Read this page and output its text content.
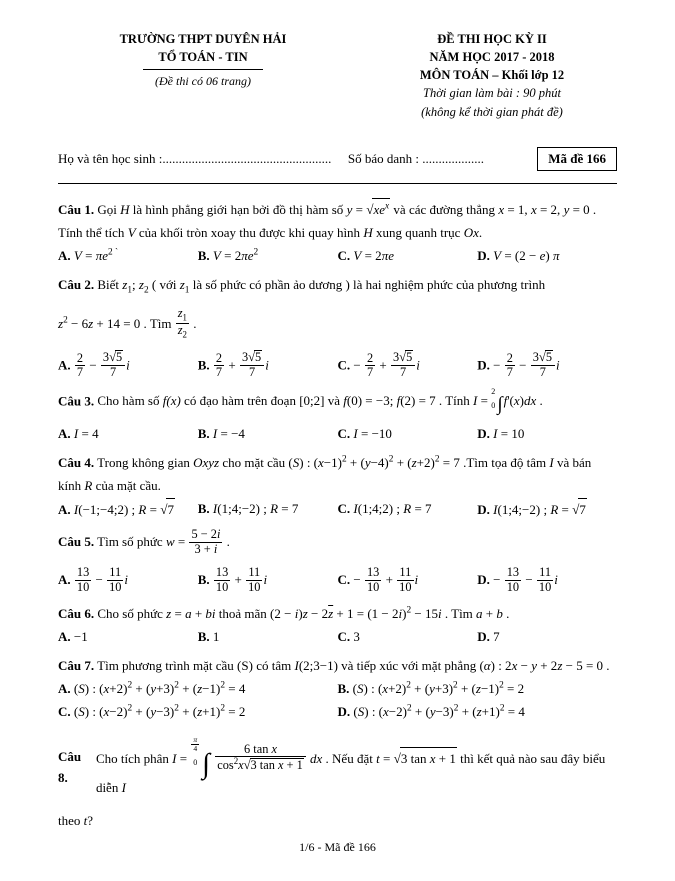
TRƯỜNG THPT DUYÊN HẢI
TỔ TOÁN - TIN
(Đề thi có 06 trang)
ĐỀ THI HỌC KỲ II
NĂM HỌC 2017 - 2018
MÔN TOÁN – Khối lớp 12
Thời gian làm bài : 90 phút
(không kể thời gian phát đề)
Họ và tên học sinh :.................................................... Số báo danh : ...................	Mã đề 166
Câu 1. Gọi H là hình phẳng giới hạn bởi đồ thị hàm số $y = √xe^x$ và các đường thẳng x = 1, x = 2, y = 0 .
Tính thể tích V của khối tròn xoay thu được khi quay hình H xung quanh trục Ox.
A. $V = \pi e^{2 `}$	B. $V = 2\pi e^2$	C. V = 2πe	D. V = (2 − e) π
Câu 2. Biết $z_1$; $z_2$ ( với $z_1$ là số phức có phần ảo dương ) là hai nghiệm phức của phương trình
$z^2 - 6z + 14 = 0$ . Tìm $\frac{z_1}{z_2}$ .
A. $\frac{2}{7} - \frac{3√5}{7}$ i	B. $\frac{2}{7} + \frac{3√5}{7}$ i	C. − $\frac{2}{7} + \frac{3√5}{7}$ i	D. − $\frac{2}{7} - \frac{3√5}{7}$ i
Câu 3. Cho hàm số f(x) có đạo hàm trên đoạn [0;2] và f(0) = −3; f(2) = 7 . Tính I =
2
0 ∫f'(x)dx .
A. I = 4	B. I = −4	C. I = −10	D. I = 10
Câu 4. Trong không gian Oxyz cho mặt cầu (S) : $(x-1)^2 + (y-4)^2 + (z+2)^2 = 7$ .Tìm tọa độ tâm I và bán
kính R của mặt cầu.
A. I(−1;−4;2) ; R = √7	B. I(1;4;−2) ; R = 7	C. I(1;4;2) ; R = 7	D. I(1;4;−2) ; R = √7
Câu 5. Tìm số phức $w = \frac{5 - 2i}{3 + i}$ .
A. $\frac{13}{10} - \frac{11}{10}$ i	B. $\frac{13}{10} + \frac{11}{10}$ i	C. − $\frac{13}{10} + \frac{11}{10}$ i	D. − $\frac{13}{10} - \frac{11}{10}$ i
Câu 6. Cho số phức z = a + bi thoả mãn $(2 - i)z - 2\overline{z} + 1 = (1 - 2i)^2 - 15i$ . Tìm a + b .
A. −1	B. 1	C. 3	D. 7
Câu 7. Tìm phương trình mặt cầu (S) có tâm I(2;3−1) và tiếp xúc với mặt phẳng (α) : 2x − y + 2z − 5 = 0 .
A. (S) : $(x+2)^2 + (y+3)^2 + (z-1)^2 = 4$	B. (S) : $(x+2)^2 + (y+3)^2 + (z-1)^2 = 2$
C. (S) : $(x-2)^2 + (y-3)^2 + (z+1)^2 = 2$	D. (S) : $(x-2)^2 + (y-3)^2 + (z+1)^2 = 4$
Câu 8.

Cho tích phân I =
$\frac{\pi}{4}$
0 ∫ $\frac{\text{6 tan x}}{\cos^2x√3 \tan x + 1}$ dx . Nếu đặt t = √3 tan x + 1 thì kết quả nào sau đây biểu diễn I
theo t?
1/6 - Mã đề 166
